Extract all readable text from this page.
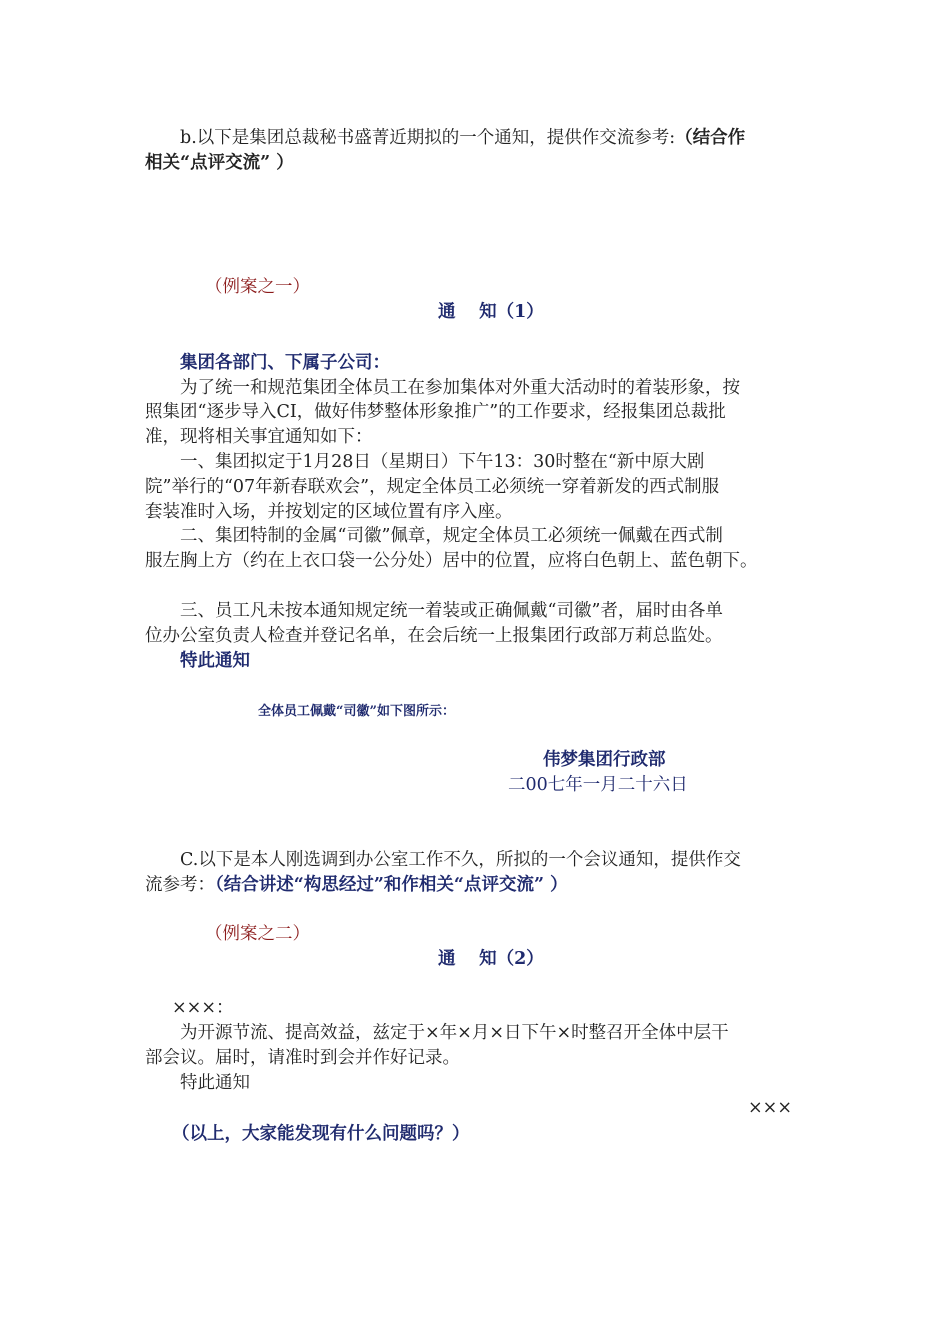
b.以下是集团总裁秘书盛菁近期拟的一个通知，提供作交流参考:（结合作
相关“点评交流” ）
（例案之一）
通　 知（1）
集团各部门、下属子公司：
为了统一和规范集团全体员工在参加集体对外重大活动时的着装形象，按
照集团“逐步导入CI，做好伟梦整体形象推广”的工作要求，经报集团总裁批
准，现将相关事宜通知如下：
一、集团拟定于1月28日（星期日）下午13：30时整在“新中原大剧
院”举行的“07年新春联欢会”，规定全体员工必须统一穿着新发的西式制服
套装准时入场，并按划定的区域位置有序入座。
二、集团特制的金属“司徽”佩章，规定全体员工必须统一佩戴在西式制
服左胸上方（约在上衣口袋一公分处）居中的位置，应将白色朝上、蓝色朝下。
三、员工凡未按本通知规定统一着装或正确佩戴“司徽”者，届时由各单
位办公室负责人检查并登记名单，在会后统一上报集团行政部万莉总监处。
特此通知
全体员工佩戴“司徽”如下图所示：
伟梦集团行政部
二00七年一月二十六日
C.以下是本人刚选调到办公室工作不久，所拟的一个会议通知，提供作交
流参考：（结合讲述“构思经过”和作相关“点评交流” ）
（例案之二）
通　 知（2）
×××：
为开源节流、提高效益，兹定于×年×月×日下午×时整召开全体中层干
部会议。届时，请准时到会并作好记录。
特此通知
×××
（以上，大家能发现有什么问题吗？）
